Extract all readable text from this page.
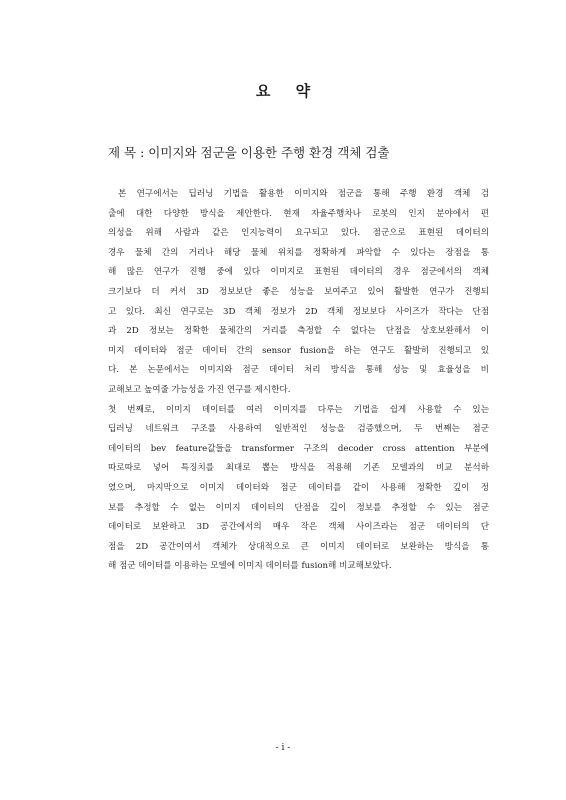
요 약
제 목 : 이미지와 점군을 이용한 주행 환경 객체 검출
본 연구에서는 딥러닝 기법을 활용한 이미지와 점군을 통해 주행 환경 객체 검
출에 대한 다양한 방식을 제안한다. 현재 자율주행차나 로봇의 인지 분야에서 편
의성을 위해 사람과 같은 인지능력이 요구되고 있다. 점군으로 표현된 데이터의
경우 물체 간의 거리나 해당 물체 위치를 정확하게 파악할 수 있다는 장점을 통
해 많은 연구가 진행 중에 있다 이미지로 표현된 데이터의 경우 점군에서의 객체
크기보다 더 커서 3D 정보보단 좋은 성능을 보여주고 있어 활발한 연구가 진행되
고 있다. 최신 연구로는 3D 객체 정보가 2D 객체 정보보다 사이즈가 작다는 단점
과 2D 정보는 정확한 물체간의 거리를 측정할 수 없다는 단점을 상호보완해서 이
미지 데이터와 점군 데이터 간의 sensor fusion을 하는 연구도 활발히 진행되고 있
다. 본 논문에서는 이미지와 점군 데이터 처리 방식을 통해 성능 및 효율성을 비
교해보고 높여줄 가능성을 가진 연구를 제시한다.
첫 번째로, 이미지 데이터를 여러 이미지를 다루는 기법을 쉽게 사용할 수 있는
딥러닝 네트워크 구조를 사용하여 일반적인 성능을 검증했으며, 두 번째는 점군
데이터의 bev feature값들을 transformer 구조의 decoder cross attention 부분에
따로따로 넣어 특징치를 최대로 뽑는 방식을 적용해 기존 모델과의 비교 분석하
였으며, 마지막으로 이미지 데이터와 점군 데이터를 같이 사용해 정확한 깊이 정
보를 추정할 수 없는 이미지 데이터의 단점을 깊이 정보를 추정할 수 있는 점군
데이터로 보완하고 3D 공간에서의 매우 작은 객체 사이즈라는 점군 데이터의 단
점을 2D 공간이여서 객체가 상대적으로 큰 이미지 데이터로 보완하는 방식을 통
해 점군 데이터를 이용하는 모델에 이미지 데이터를 fusion해 비교해보았다.
- i -
